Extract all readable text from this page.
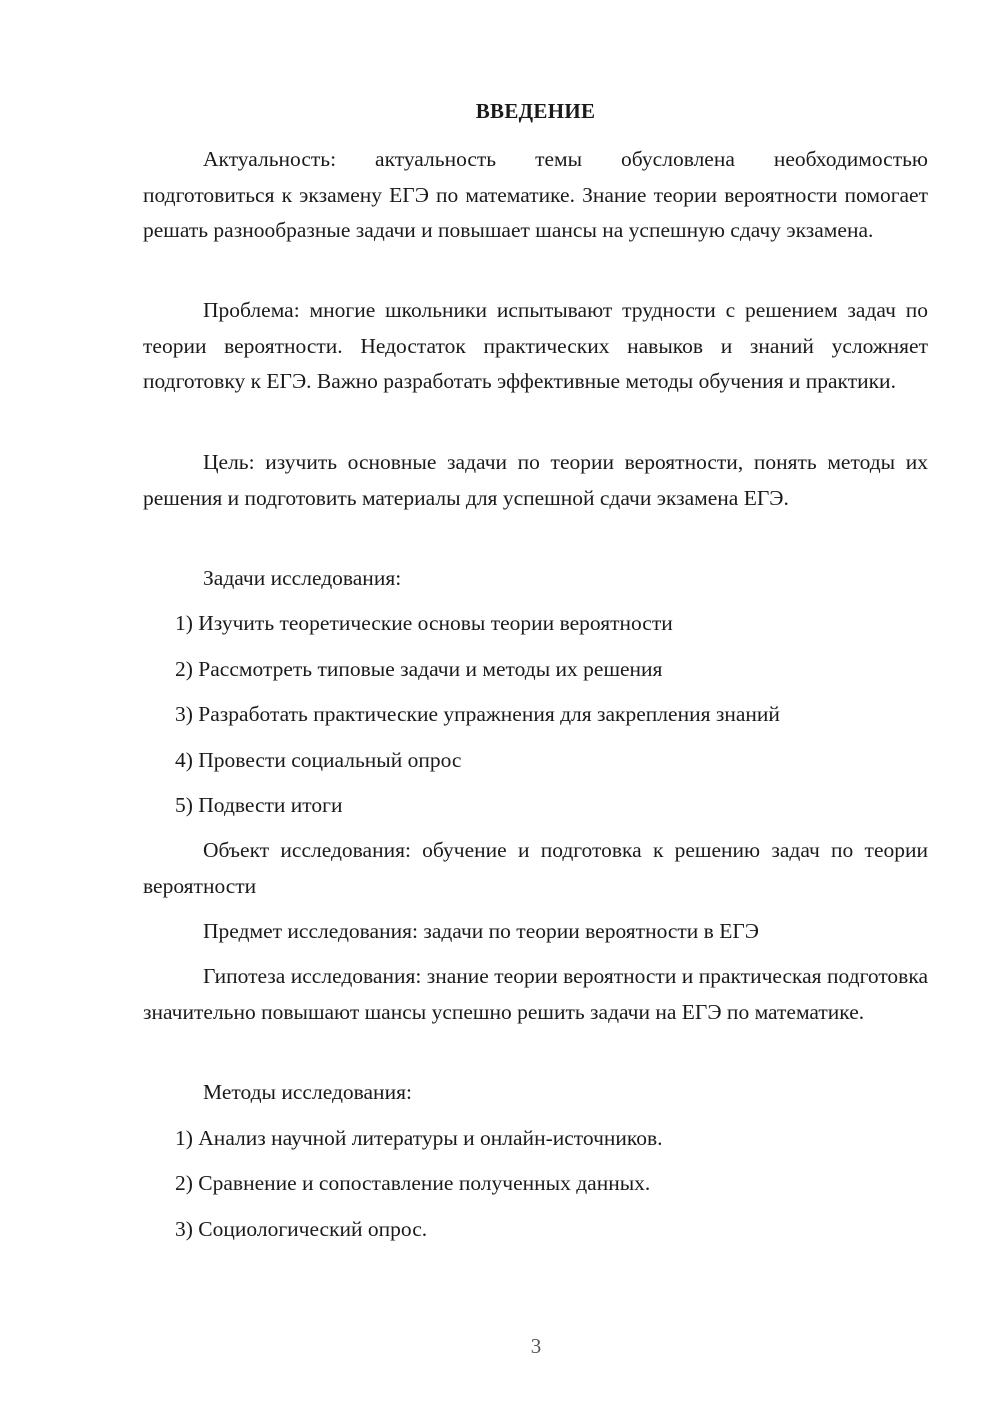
ВВЕДЕНИЕ

Актуальность: актуальность темы обусловлена необходимостью подготовиться к экзамену ЕГЭ по математике. Знание теории вероятности помогает решать разнообразные задачи и повышает шансы на успешную сдачу экзамена.

Проблема: многие школьники испытывают трудности с решением задач по теории вероятности. Недостаток практических навыков и знаний усложняет подготовку к ЕГЭ. Важно разработать эффективные методы обучения и практики.

Цель: изучить основные задачи по теории вероятности, понять методы их решения и подготовить материалы для успешной сдачи экзамена ЕГЭ.

Задачи исследования:
1) Изучить теоретические основы теории вероятности
2) Рассмотреть типовые задачи и методы их решения
3) Разработать практические упражнения для закрепления знаний
4) Провести социальный опрос
5) Подвести итоги

Объект исследования: обучение и подготовка к решению задач по теории вероятности

Предмет исследования: задачи по теории вероятности в ЕГЭ

Гипотеза исследования: знание теории вероятности и практическая подготовка значительно повышают шансы успешно решить задачи на ЕГЭ по математике.

Методы исследования:
1) Анализ научной литературы и онлайн-источников.
2) Сравнение и сопоставление полученных данных.
3) Социологический опрос.
3
